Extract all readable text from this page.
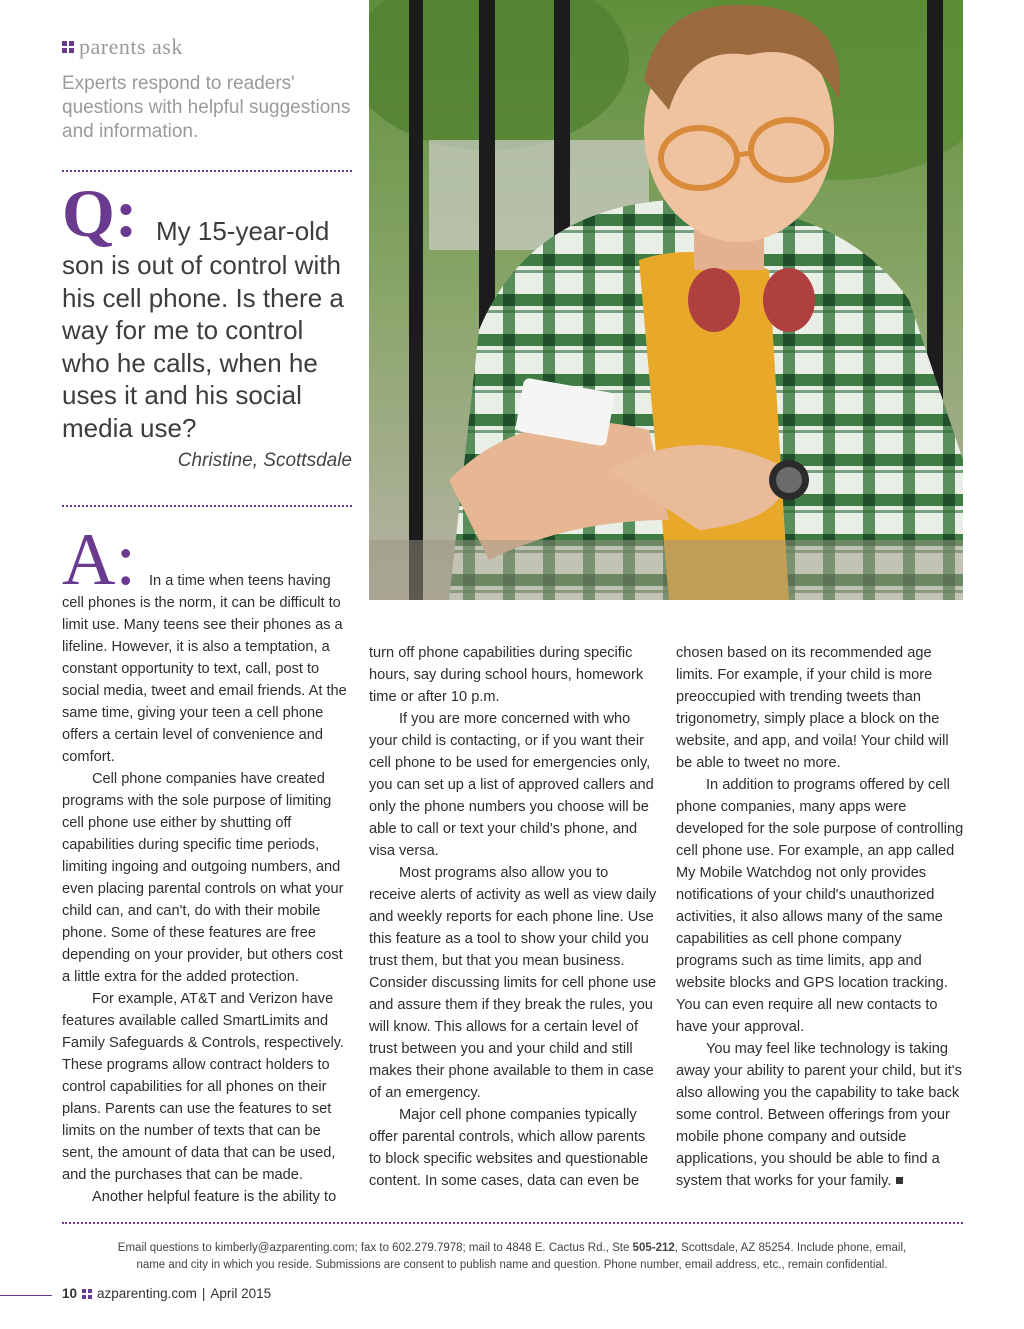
parents ask
Experts respond to readers' questions with helpful suggestions and information.
Q: My 15-year-old
son is out of control with his cell phone. Is there a way for me to control who he calls, when he uses it and his social media use?
Christine, Scottsdale
A: In a time when teens having cell phones is the norm, it can be difficult to limit use. Many teens see their phones as a lifeline. However, it is also a temptation, a constant opportunity to text, call, post to social media, tweet and email friends. At the same time, giving your teen a cell phone offers a certain level of convenience and comfort.

Cell phone companies have created programs with the sole purpose of limiting cell phone use either by shutting off capabilities during specific time periods, limiting ingoing and outgoing numbers, and even placing parental controls on what your child can, and can't, do with their mobile phone. Some of these features are free depending on your provider, but others cost a little extra for the added protection.

For example, AT&T and Verizon have features available called SmartLimits and Family Safeguards & Controls, respectively. These programs allow contract holders to control capabilities for all phones on their plans. Parents can use the features to set limits on the number of texts that can be sent, the amount of data that can be used, and the purchases that can be made.

Another helpful feature is the ability to

turn off phone capabilities during specific hours, say during school hours, homework time or after 10 p.m.

If you are more concerned with who your child is contacting, or if you want their cell phone to be used for emergencies only, you can set up a list of approved callers and only the phone numbers you choose will be able to call or text your child's phone, and visa versa.

Most programs also allow you to receive alerts of activity as well as view daily and weekly reports for each phone line. Use this feature as a tool to show your child you trust them, but that you mean business. Consider discussing limits for cell phone use and assure them if they break the rules, you will know. This allows for a certain level of trust between you and your child and still makes their phone available to them in case of an emergency.

Major cell phone companies typically offer parental controls, which allow parents to block specific websites and questionable content. In some cases, data can even be

chosen based on its recommended age limits. For example, if your child is more preoccupied with trending tweets than trigonometry, simply place a block on the website, and app, and voila! Your child will be able to tweet no more.

In addition to programs offered by cell phone companies, many apps were developed for the sole purpose of controlling cell phone use. For example, an app called My Mobile Watchdog not only provides notifications of your child's unauthorized activities, it also allows many of the same capabilities as cell phone company programs such as time limits, app and website blocks and GPS location tracking. You can even require all new contacts to have your approval.

You may feel like technology is taking away your ability to parent your child, but it's also allowing you the capability to take back some control. Between offerings from your mobile phone company and outside applications, you should be able to find a system that works for your family.

Email questions to kimberly@azparenting.com; fax to 602.279.7978; mail to 4848 E. Cactus Rd., Ste 505-212, Scottsdale, AZ 85254. Include phone, email,
name and city in which you reside. Submissions are consent to publish name and question. Phone number, email address, etc., remain confidential.
10 azparenting.com | April 2015
